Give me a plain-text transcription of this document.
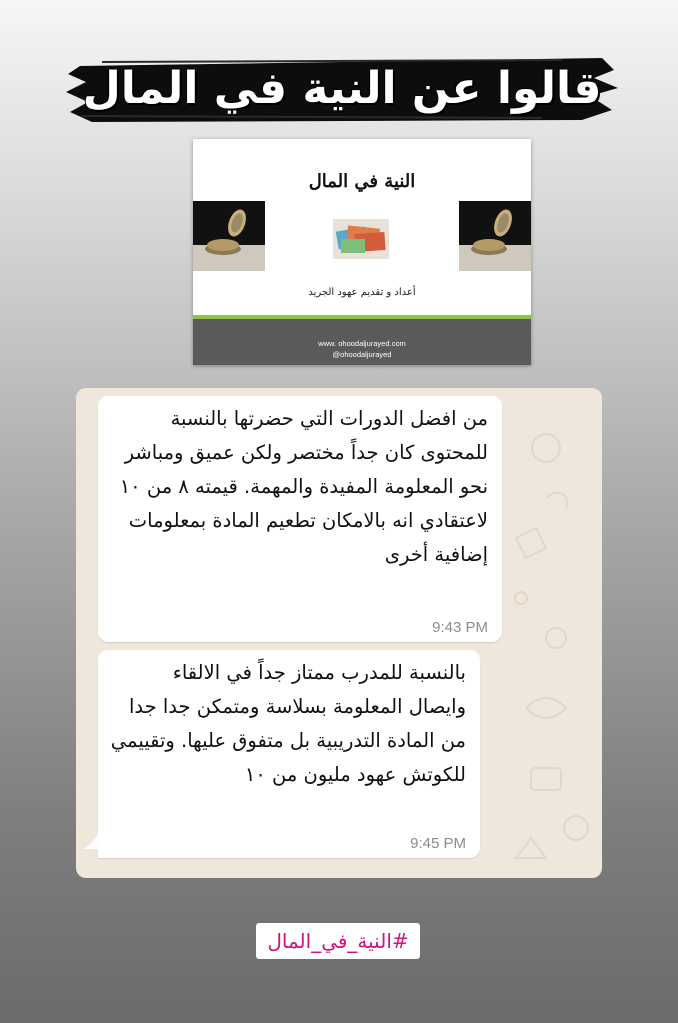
قالوا عن النية في المال
النية في المال
أعداد و تقديم عهود الجريد
www. ohoodaljurayed.com
@ohoodaljurayed
من افضل الدورات التي حضرتها بالنسبة للمحتوى كان جداً مختصر ولكن عميق ومباشر نحو المعلومة المفيدة والمهمة. قيمته ٨ من ١٠ لاعتقادي انه بالامكان تطعيم المادة بمعلومات إضافية أخرى
9:43 PM
بالنسبة للمدرب ممتاز جداً في الالقاء وايصال المعلومة بسلاسة ومتمكن جدا جدا من المادة التدريبية بل متفوق عليها. وتقييمي للكوتش عهود مليون من ١٠
9:45 PM
#النية_في_المال
